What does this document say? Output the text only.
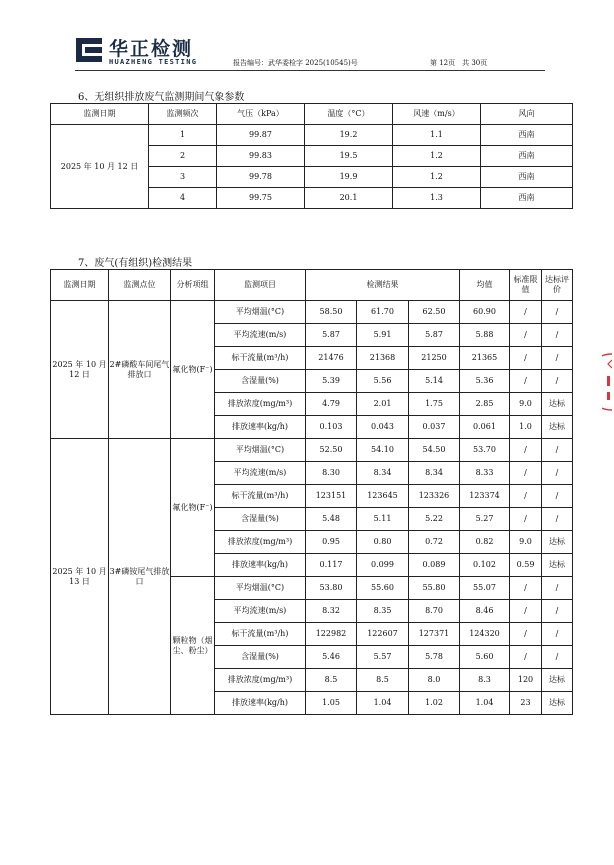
华正检测
HUAZHENG TESTING	报告编号：武华委检字 2025(10545)号	第 12页　共 30页
6、无组织排放废气监测期间气象参数
监测日期	监测频次	气压（kPa）	温度（°C）	风速（m/s）	风向
2025 年 10 月 12 日	1	99.87	19.2	1.1	西南
	2	99.83	19.5	1.2	西南
	3	99.78	19.9	1.2	西南
	4	99.75	20.1	1.3	西南
7、废气(有组织)检测结果
监测日期	监测点位	分析项组	监测项目	检测结果			均值	标准限值	达标评价
2025 年 10 月 12 日	2#磷酸车间尾气排放口	氟化物(F⁻)	平均烟温(°C)	58.50	61.70	62.50	60.90	/	/
			平均流速(m/s)	5.87	5.91	5.87	5.88	/	/
			标干流量(m³/h)	21476	21368	21250	21365	/	/
			含湿量(%)	5.39	5.56	5.14	5.36	/	/
			排放浓度(mg/m³)	4.79	2.01	1.75	2.85	9.0	达标
			排放速率(kg/h)	0.103	0.043	0.037	0.061	1.0	达标
2025 年 10 月 13 日	3#磷铵尾气排放口	氟化物(F⁻)	平均烟温(°C)	52.50	54.10	54.50	53.70	/	/
			平均流速(m/s)	8.30	8.34	8.34	8.33	/	/
			标干流量(m³/h)	123151	123645	123326	123374	/	/
			含湿量(%)	5.48	5.11	5.22	5.27	/	/
			排放浓度(mg/m³)	0.95	0.80	0.72	0.82	9.0	达标
			排放速率(kg/h)	0.117	0.099	0.089	0.102	0.59	达标
		颗粒物（烟尘、粉尘）	平均烟温(°C)	53.80	55.60	55.80	55.07	/	/
			平均流速(m/s)	8.32	8.35	8.70	8.46	/	/
			标干流量(m³/h)	122982	122607	127371	124320	/	/
			含湿量(%)	5.46	5.57	5.78	5.60	/	/
			排放浓度(mg/m³)	8.5	8.5	8.0	8.3	120	达标
			排放速率(kg/h)	1.05	1.04	1.02	1.04	23	达标
